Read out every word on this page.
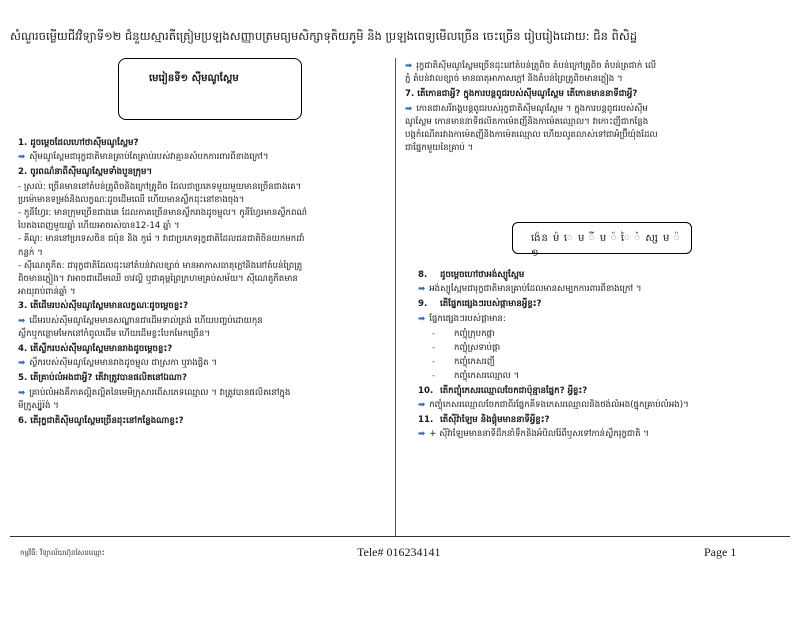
សំណួរចម្លើយជីវវិទ្យាទី១២ ជំនួយស្មារតីត្រៀមប្រឡងសញ្ញាបត្រមធ្យមសិក្សាទុតិយភូមិ និង ប្រឡងពេទ្យមើលច្រើន ចេះច្រើន រៀបរៀងដោយ: ជិន ពិសិដ្ឋ
មេរៀនទី១ ស៊ីមណូស្ពែម

1. ដូចម្ដេចដែលហៅថាស៊ីមណូស្ពែម?

➡ ស៊ីមណូស្ពែមជារុក្ខជាតិមានគ្រាប់តែគ្រាប់របស់វាគ្មានសំបកការពារពីខាងក្រៅ។

2. ចូរពណ៌នាពីស៊ីមណូស្ពែមទាំងបួនក្រុម។

- ស្រល់: ច្រើនមាននៅតំបន់ត្រូពិចនិងក្រៅត្រូពិច ដែលជាប្រភេទមួយមួយមានច្រើនជាងគេ។

ប្រម៉ោមានទម្រង់និងលក្ខណៈដូចដើមឈើ ហើយមានស្លឹកដុះនៅខាងចុង។

- កូនីហ្វែរ: មានក្រុមច្រើនជាងគេ ដែលភាគច្រើនមានស្លឹករាងដូចម្ជុល។ កូនីហ្វែរមានស្លឹកពណ៌

បៃតងពេញមួយឆ្នាំ ហើយអាចរស់បាន12-14 ឆ្នាំ ។

- គីណូ: មាននៅប្រទេសចិន ជប៉ុន និង កូរ៉េ ។ វាជាប្រភេទរុក្ខជាតិដែលជនជាតិចិនយកមកដាំ

កន្លក់ ។

- ស៊ីណេតូភីត: ជារុក្ខជាតិដែលដុះនៅតំបន់វាលខ្សាច់ មានអាកាសធាតុក្ដៅនិងនៅតំបន់ព្រៃត្រូ

ពិចមានភ្លៀង។ វាអាចជាដើមឈើ ចាវល្លិ ឬជាគុម្ពព្រៃក្រហមគ្រប់សម័យ។ ស៊ីណេតូភីតមាន

អាយុរាប់ពាន់ឆ្នាំ ។

3. តើដើមរបស់ស៊ីមណូស្ពែមមានលក្ខណៈដូចម្ដេចខ្លះ?

➡ ដើមរបស់ស៊ីមណូស្ពែមមានសណ្ឋានជាដើមទាល់ត្រង់ ហើយបញ្ចប់ដោយកុន
ស្លឹកឬកន្លោមមែកនៅកំពូលដើម ហើយដើមខ្លះបែកមែកច្រើន។

4. តើស្លឹករបស់ស៊ីមណូស្ពែមមានរាងដូចម្ដេចខ្លះ?

➡ ស្លឹករបស់ស៊ីមណូស្ពែមមានរាងដូចម្ជុល ជាស្រកា ឬរាងផ្ចិត ។

5. តើគ្រាប់លំអងជាអ្វី? តើវាត្រូវបានផលិតនៅឯណា?

➡ គ្រាប់លំអងគឺភាគល្អិតល្អិតនៃមេមីក្រុសារពើសភេទឈ្មោល ។ វាត្រូវបានផលិតនៅក្នុង
មីក្រូស្ប៉ូរ៉ង់ ។

6. តើរុក្ខជាតិស៊ីមណូស្ពែមច្រើនដុះនៅកន្លែងណាខ្លះ?

➡ រុក្ខជាតិស៊ីមណូស្ពែមច្រើនដុះនៅតំបន់ត្រូពិច តំបន់ក្រៅត្រូពិច តំបន់ត្រជាក់ លើ
ភ្នំ តំបន់វាលខ្សាច់ មានធាតុអាកាសក្ដៅ និងតំបន់ព្រៃត្រូពិចមានភ្លៀង ។

7. តើកោនជាអ្វី? ក្នុងការបន្តពូជរបស់ស៊ីមណូស្ពែម តើកោនមាននាទីជាអ្វី?

➡ កោនជាសរីរាង្គបន្តពូជរបស់រុក្ខជាតិស៊ីមណូស្ពែម ។ ក្នុងការបន្តពូជរបស់ស៊ីម
ណូស្ពែម កោនមាននាទីផលិតកាម៉េតញីនិងកាម៉េតឈ្មោល។ វាកោះញីជាកន្លែង
បង្កកំណើតរវាងកាម៉េតញីនិងកាម៉េតឈ្មោល ហើយលូតលាស់ទៅជាអំប្រ៊ីយ៉ុងដែល
ជាផ្នែកមួយនៃគ្រាប់ ។

ង៉េន ម៉ េ ម ី ម ៉ ៃ ៉ ស្ស ម ៉ ១

8. ដូចម្ដេចហៅថាអង់ស្យូស្ពែម

➡ អង់ស្យូស្ពែមជារុក្ខជាតិមានគ្រាប់ដែលមានសម្បកការពារពីខាងក្រៅ ។

9. តើផ្នែកផ្សេងៗរបស់ផ្កាមានអ្វីខ្លះ?

➡ ផ្នែកផ្សេងៗរបស់ផ្កាមាន:

- កញ្ចុំក្រុបកផ្កា

- កញ្ចុំស្រទាប់ផ្កា

- កញ្ចុំកេសរញី

- កញ្ចុំកេសរឈ្មោល ។

10. តើកញ្ចុំកេសរឈ្មោលចែកជាប៉ុន្មានផ្នែក? អ្វីខ្លះ?

➡ កញ្ចុំកេសរឈ្មោលចែកជាពីរផ្នែកគឺទងកេសរឈ្មោលនិងថង់លំអង(ផ្ទុកគ្រាប់លំអង)។

11. តើស៊ីវ៉ាឡែម និងផ្ដុំមមាននាទីអ្វីខ្លះ?

➡ + ស៊ីវ៉ាឡែមមាននាទីដឹកនាំទឹកនិងអំបិលរ៉ែពីឫសទៅកាន់ស្លឹករុក្ខជាតិ ។

កម្មវិធី: វិទ្យាល័យហ៊ុនសែនឈ្មោះ	Tele# 016234141	Page 1
